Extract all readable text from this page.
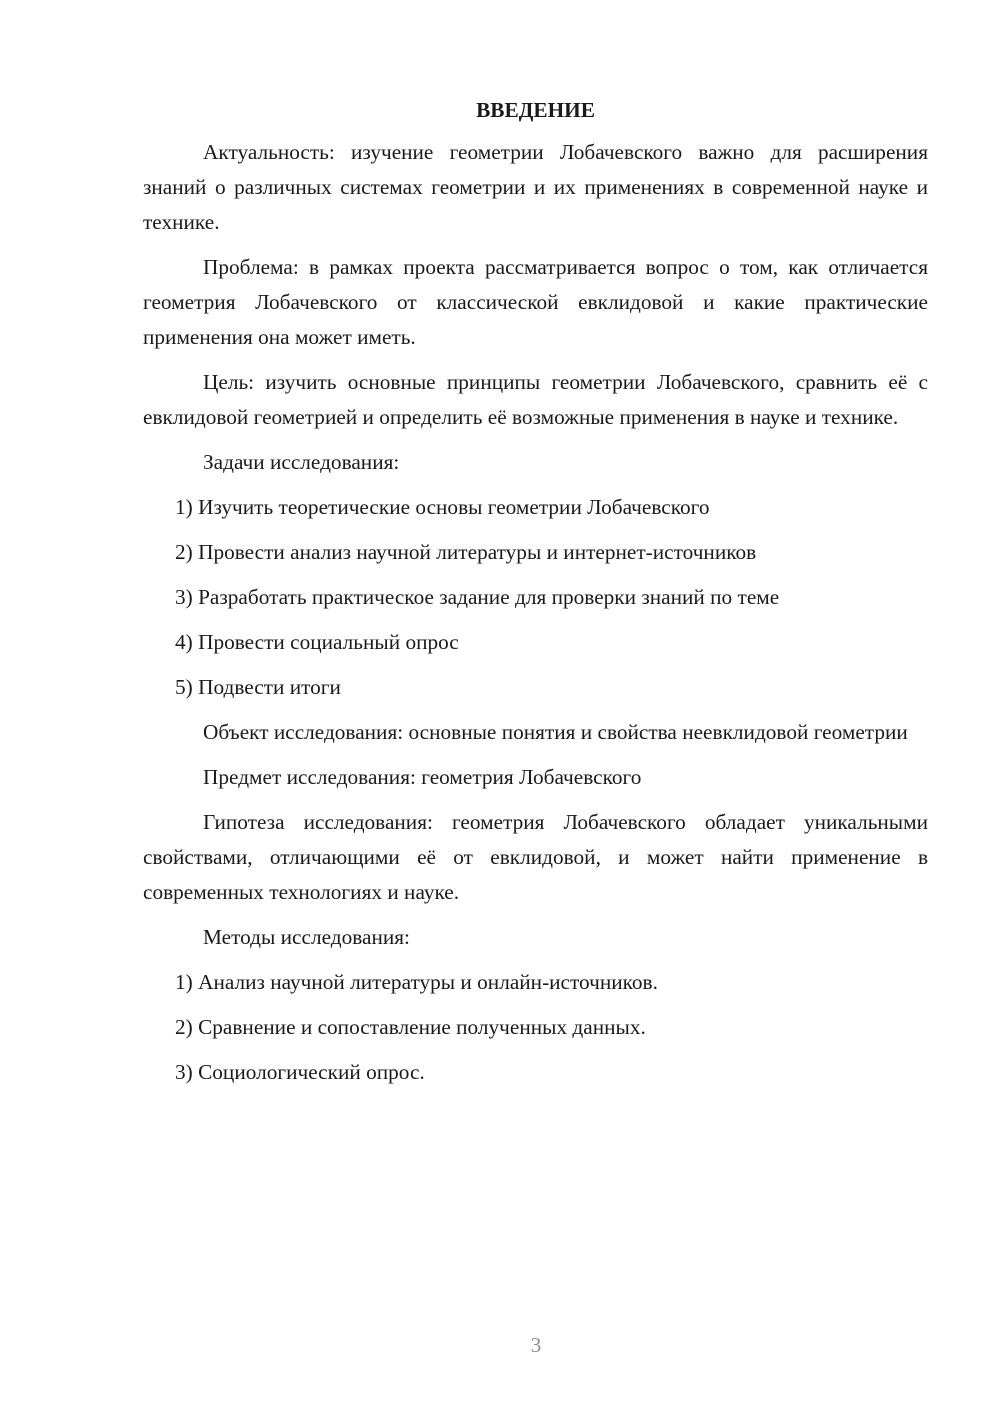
ВВЕДЕНИЕ
Актуальность: изучение геометрии Лобачевского важно для расширения знаний о различных системах геометрии и их применениях в современной науке и технике.
Проблема: в рамках проекта рассматривается вопрос о том, как отличается геометрия Лобачевского от классической евклидовой и какие практические применения она может иметь.
Цель: изучить основные принципы геометрии Лобачевского, сравнить её с евклидовой геометрией и определить её возможные применения в науке и технике.
Задачи исследования:
1) Изучить теоретические основы геометрии Лобачевского
2) Провести анализ научной литературы и интернет-источников
3) Разработать практическое задание для проверки знаний по теме
4) Провести социальный опрос
5) Подвести итоги
Объект исследования: основные понятия и свойства неевклидовой геометрии
Предмет исследования: геометрия Лобачевского
Гипотеза исследования: геометрия Лобачевского обладает уникальными свойствами, отличающими её от евклидовой, и может найти применение в современных технологиях и науке.
Методы исследования:
1) Анализ научной литературы и онлайн-источников.
2) Сравнение и сопоставление полученных данных.
3) Социологический опрос.
3
